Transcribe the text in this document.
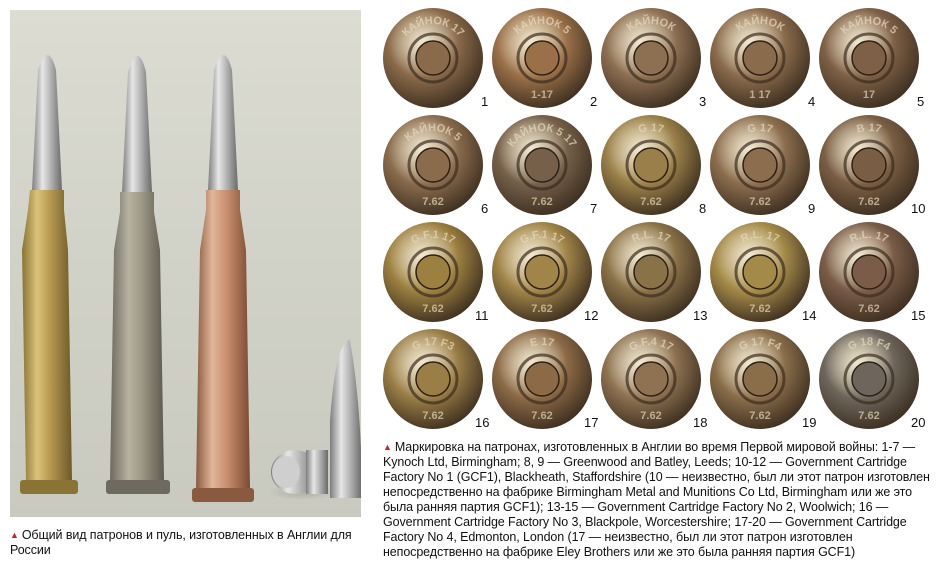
КАЙНОК 17
1
КАЙНОК 5
1-17	2
КАЙНОК
3
КАЙНОК
1 17	4
КАЙНОК 5
17	5
КАЙНОК 5
7.62	6
КАЙНОК 5 17
7.62	7
G 17
7.62	8
G 17
7.62	9
B 17
7.62 10
G.F.1 17
7.62 11
G.F.1 17
7.62 12
R.L. 17
13
R.L. 17
7.62 14
R.L. 17
7.62 15
G 17 F3
7.62 16
E 17
7.62 17
G.F.4 17
7.62 18
G 17 F4
7.62 19
G 18 F4
7.62 20
▲ Маркировка на патронах, изготовленных в Англии во время Первой мировой войны: 1-7 — Kynoch Ltd, Birmingham; 8, 9 — Greenwood and Batley, Leeds; 10-12 — Government Cartridge Factory No 1 (GCF1), Blackheath, Staffordshire (10 — неизвестно, был ли этот патрон изготовлен непосредственно на фабрике Birmingham Metal and Munitions Co Ltd, Birmingham или же это была ранняя партия GCF1); 13-15 — Government Cartridge Factory No 2, Woolwich; 16 — Government Cartridge Factory No 3, Blackpole, Worcestershire; 17-20 — Government Cartridge Factory No 4, Edmonton, London (17 — неизвестно, был ли этот патрон изготовлен непосредственно на фабрике Eley Brothers или же это была ранняя партия GCF1)
▲ Общий вид патронов и пуль, изготовленных в Англии для России
